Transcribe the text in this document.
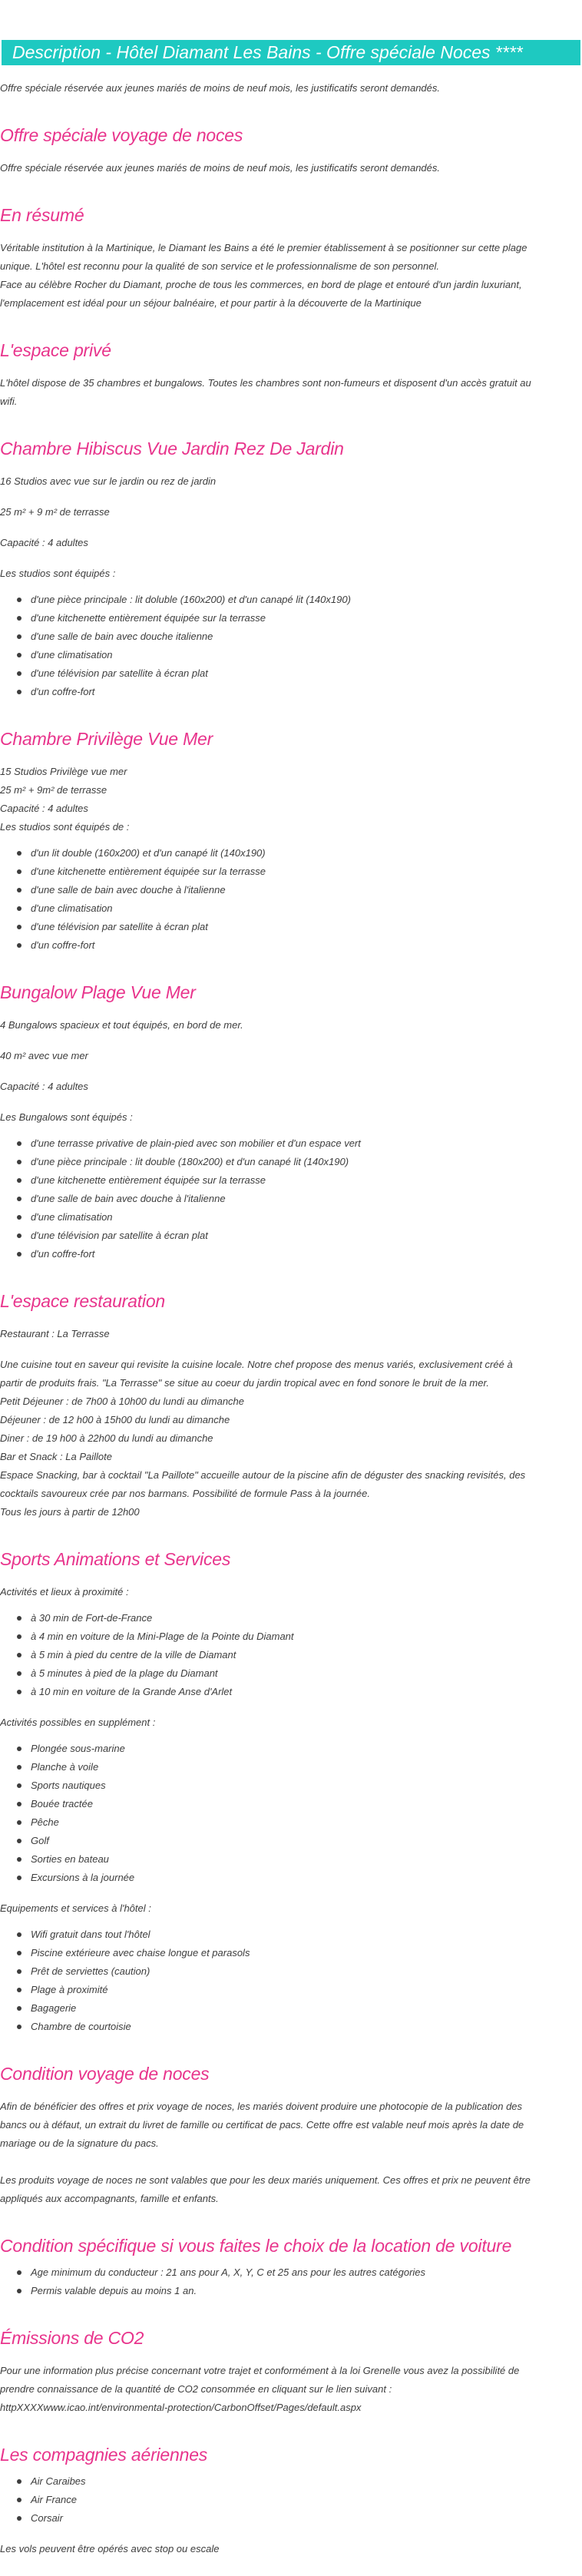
Description - Hôtel Diamant Les Bains - Offre spéciale Noces ****

Offre spéciale réservée aux jeunes mariés de moins de neuf mois, les justificatifs seront demandés.

Offre spéciale voyage de noces

Offre spéciale réservée aux jeunes mariés de moins de neuf mois, les justificatifs seront demandés.

En résumé

Véritable institution à la Martinique, le Diamant les Bains a été le premier établissement à se positionner sur cette plage
unique. L'hôtel est reconnu pour la qualité de son service et le professionnalisme de son personnel.
Face au célèbre Rocher du Diamant, proche de tous les commerces, en bord de plage et entouré d'un jardin luxuriant,
l'emplacement est idéal pour un séjour balnéaire, et pour partir à la découverte de la Martinique

L'espace privé

L'hôtel dispose de 35 chambres et bungalows. Toutes les chambres sont non-fumeurs et disposent d'un accès gratuit au
wifi.

Chambre Hibiscus Vue Jardin Rez De Jardin

16 Studios avec vue sur le jardin ou rez de jardin

25 m² + 9 m² de terrasse

Capacité : 4 adultes

Les studios sont équipés :

d'une pièce principale : lit doluble (160x200) et d'un canapé lit (140x190)
d'une kitchenette entièrement équipée sur la terrasse
d'une salle de bain avec douche italienne
d'une climatisation
d'une télévision par satellite à écran plat
d'un coffre-fort
Chambre Privilège Vue Mer

15 Studios Privilège vue mer
25 m² + 9m² de terrasse
Capacité : 4 adultes
Les studios sont équipés de :

d'un lit double (160x200) et d'un canapé lit (140x190)
d'une kitchenette entièrement équipée sur la terrasse
d'une salle de bain avec douche à l'italienne
d'une climatisation
d'une télévision par satellite à écran plat
d'un coffre-fort
Bungalow Plage Vue Mer

4 Bungalows spacieux et tout équipés, en bord de mer.

40 m² avec vue mer

Capacité : 4 adultes

Les Bungalows sont équipés :

d'une terrasse privative de plain-pied avec son mobilier et d'un espace vert
d'une pièce principale : lit double (180x200) et d'un canapé lit (140x190)
d'une kitchenette entièrement équipée sur la terrasse
d'une salle de bain avec douche à l'italienne
d'une climatisation
d'une télévision par satellite à écran plat
d'un coffre-fort
L'espace restauration

Restaurant : La Terrasse

Une cuisine tout en saveur qui revisite la cuisine locale. Notre chef propose des menus variés, exclusivement créé à
partir de produits frais. "La Terrasse" se situe au coeur du jardin tropical avec en fond sonore le bruit de la mer.
Petit Déjeuner : de 7h00 à 10h00 du lundi au dimanche
Déjeuner : de 12 h00 à 15h00 du lundi au dimanche
Diner : de 19 h00 à 22h00 du lundi au dimanche
Bar et Snack : La Paillote
Espace Snacking, bar à cocktail "La Paillote" accueille autour de la piscine afin de déguster des snacking revisités, des
cocktails savoureux crée par nos barmans. Possibilité de formule Pass à la journée.
Tous les jours à partir de 12h00

Sports Animations et Services

Activités et lieux à proximité :

à 30 min de Fort-de-France
à 4 min en voiture de la Mini-Plage de la Pointe du Diamant
à 5 min à pied du centre de la ville de Diamant
à 5 minutes à pied de la plage du Diamant
à 10 min en voiture de la Grande Anse d'Arlet

Activités possibles en supplément :

Plongée sous-marine
Planche à voile
Sports nautiques
Bouée tractée
Pêche
Golf
Sorties en bateau
Excursions à la journée

Equipements et services à l'hôtel :

Wifi gratuit dans tout l'hôtel
Piscine extérieure avec chaise longue et parasols
Prêt de serviettes (caution)
Plage à proximité
Bagagerie
Chambre de courtoisie
Condition voyage de noces

Afin de bénéficier des offres et prix voyage de noces, les mariés doivent produire une photocopie de la publication des
bancs ou à défaut, un extrait du livret de famille ou certificat de pacs. Cette offre est valable neuf mois après la date de
mariage ou de la signature du pacs.

Les produits voyage de noces ne sont valables que pour les deux mariés uniquement. Ces offres et prix ne peuvent être
appliqués aux accompagnants, famille et enfants.

Condition spécifique si vous faites le choix de la location de voiture
Age minimum du conducteur : 21 ans pour A, X, Y, C et 25 ans pour les autres catégories
Permis valable depuis au moins 1 an.
Émissions de CO2

Pour une information plus précise concernant votre trajet et conformément à la loi Grenelle vous avez la possibilité de
prendre connaissance de la quantité de CO2 consommée en cliquant sur le lien suivant :
httpXXXXwww.icao.int/environmental-protection/CarbonOffset/Pages/default.aspx

Les compagnies aériennes
Air Caraibes
Air France
Corsair

Les vols peuvent être opérés avec stop ou escale
